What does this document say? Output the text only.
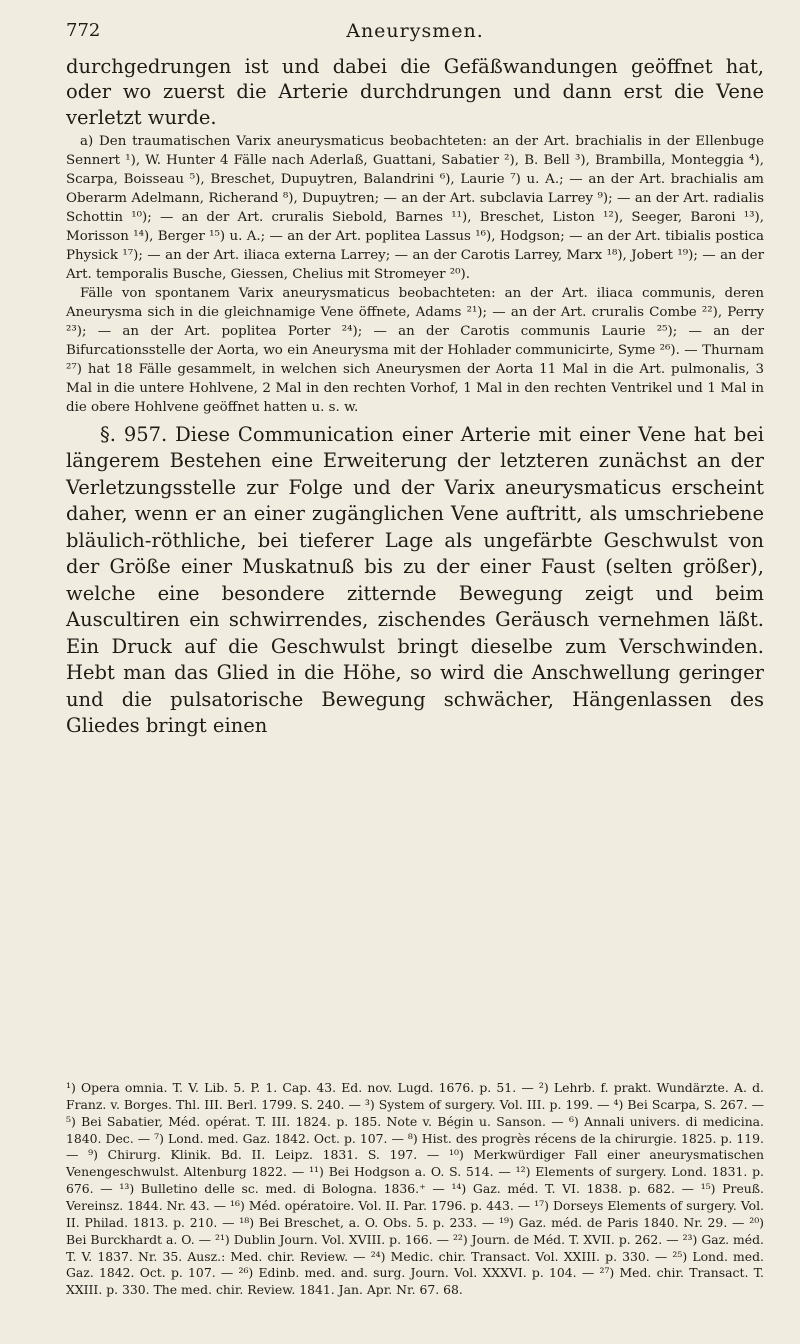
772	Aneurysmen.

durchgedrungen ist und dabei die Gefäßwandungen geöffnet hat, oder wo zuerst die Arterie durchdrungen und dann erst die Vene verletzt wurde.

a) Den traumatischen Varix aneurysmaticus beobachteten: an der Art. brachialis in der Ellenbuge Sennert ¹), W. Hunter 4 Fälle nach Aderlaß, Guattani, Sabatier ²), B. Bell ³), Brambilla, Monteggia ⁴), Scarpa, Boisseau ⁵), Breschet, Dupuytren, Balandrini ⁶), Laurie ⁷) u. A.; — an der Art. brachialis am Oberarm Adelmann, Richerand ⁸), Dupuytren; — an der Art. subclavia Larrey ⁹); — an der Art. radialis Schottin ¹⁰); — an der Art. cruralis Siebold, Barnes ¹¹), Breschet, Liston ¹²), Seeger, Baroni ¹³), Morisson ¹⁴), Berger ¹⁵) u. A.; — an der Art. poplitea Lassus ¹⁶), Hodgson; — an der Art. tibialis postica Physick ¹⁷); — an der Art. iliaca externa Larrey; — an der Carotis Larrey, Marx ¹⁸), Jobert ¹⁹); — an der Art. temporalis Busche, Giessen, Chelius mit Stromeyer ²⁰).

Fälle von spontanem Varix aneurysmaticus beobachteten: an der Art. iliaca communis, deren Aneurysma sich in die gleichnamige Vene öffnete, Adams ²¹); — an der Art. cruralis Combe ²²), Perry ²³); — an der Art. poplitea Porter ²⁴); — an der Carotis communis Laurie ²⁵); — an der Bifurcationsstelle der Aorta, wo ein Aneurysma mit der Hohlader communicirte, Syme ²⁶). — Thurnam ²⁷) hat 18 Fälle gesammelt, in welchen sich Aneurysmen der Aorta 11 Mal in die Art. pulmonalis, 3 Mal in die untere Hohlvene, 2 Mal in den rechten Vorhof, 1 Mal in den rechten Ventrikel und 1 Mal in die obere Hohlvene geöffnet hatten u. s. w.

§. 957. Diese Communication einer Arterie mit einer Vene hat bei längerem Bestehen eine Erweiterung der letzteren zunächst an der Verletzungsstelle zur Folge und der Varix aneurysmaticus erscheint daher, wenn er an einer zugänglichen Vene auftritt, als umschriebene bläulich-röthliche, bei tieferer Lage als ungefärbte Geschwulst von der Größe einer Muskatnuß bis zu der einer Faust (selten größer), welche eine besondere zitternde Bewegung zeigt und beim Auscultiren ein schwirrendes, zischendes Geräusch vernehmen läßt. Ein Druck auf die Geschwulst bringt dieselbe zum Verschwinden. Hebt man das Glied in die Höhe, so wird die Anschwellung geringer und die pulsatorische Bewegung schwächer, Hängenlassen des Gliedes bringt einen

¹) Opera omnia. T. V. Lib. 5. P. 1. Cap. 43. Ed. nov. Lugd. 1676. p. 51. — ²) Lehrb. f. prakt. Wundärzte. A. d. Franz. v. Borges. Thl. III. Berl. 1799. S. 240. — ³) System of surgery. Vol. III. p. 199. — ⁴) Bei Scarpa, S. 267. — ⁵) Bei Sabatier, Méd. opérat. T. III. 1824. p. 185. Note v. Bégin u. Sanson. — ⁶) Annali univers. di medicina. 1840. Dec. — ⁷) Lond. med. Gaz. 1842. Oct. p. 107. — ⁸) Hist. des progrès récens de la chirurgie. 1825. p. 119. — ⁹) Chirurg. Klinik. Bd. II. Leipz. 1831. S. 197. — ¹⁰) Merkwürdiger Fall einer aneurysmatischen Venengeschwulst. Altenburg 1822. — ¹¹) Bei Hodgson a. O. S. 514. — ¹²) Elements of surgery. Lond. 1831. p. 676. — ¹³) Bulletino delle sc. med. di Bologna. 1836.⁺ — ¹⁴) Gaz. méd. T. VI. 1838. p. 682. — ¹⁵) Preuß. Vereinsz. 1844. Nr. 43. — ¹⁶) Méd. opératoire. Vol. II. Par. 1796. p. 443. — ¹⁷) Dorseys Elements of surgery. Vol. II. Philad. 1813. p. 210. — ¹⁸) Bei Breschet, a. O. Obs. 5. p. 233. — ¹⁹) Gaz. méd. de Paris 1840. Nr. 29. — ²⁰) Bei Burckhardt a. O. — ²¹) Dublin Journ. Vol. XVIII. p. 166. — ²²) Journ. de Méd. T. XVII. p. 262. — ²³) Gaz. méd. T. V. 1837. Nr. 35. Ausz.: Med. chir. Review. — ²⁴) Medic. chir. Transact. Vol. XXIII. p. 330. — ²⁵) Lond. med. Gaz. 1842. Oct. p. 107. — ²⁶) Edinb. med. and. surg. Journ. Vol. XXXVI. p. 104. — ²⁷) Med. chir. Transact. T. XXIII. p. 330. The med. chir. Review. 1841. Jan. Apr. Nr. 67. 68.
